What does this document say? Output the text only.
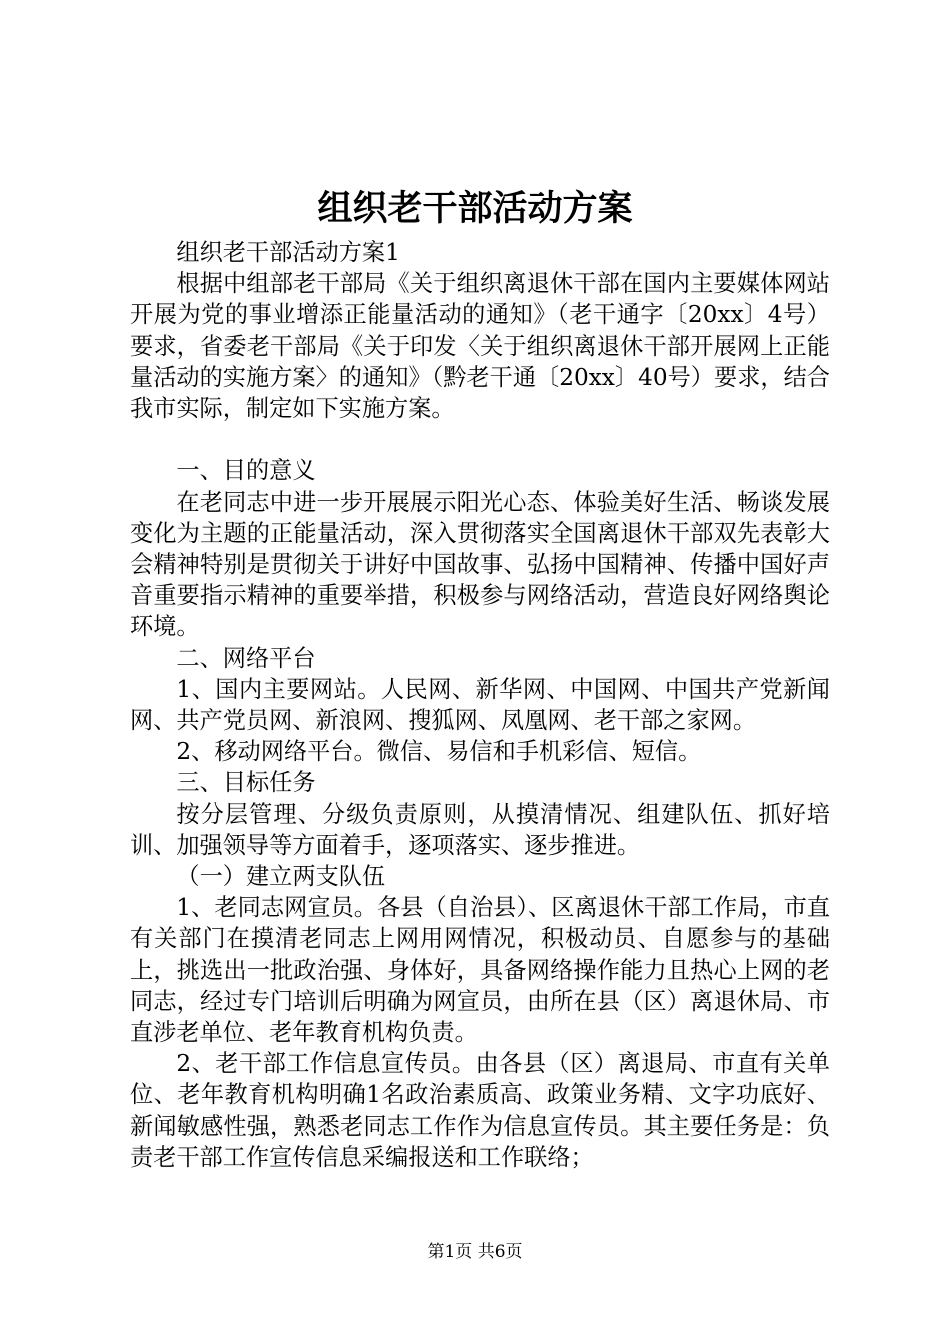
组织老干部活动方案

组织老干部活动方案1

根据中组部老干部局《关于组织离退休干部在国内主要媒体网站开展为党的事业增添正能量活动的通知》（老干通字〔20xx〕4号）要求，省委老干部局《关于印发〈关于组织离退休干部开展网上正能量活动的实施方案〉的通知》（黔老干通〔20xx〕40号）要求，结合我市实际，制定如下实施方案。

一、目的意义

在老同志中进一步开展展示阳光心态、体验美好生活、畅谈发展变化为主题的正能量活动，深入贯彻落实全国离退休干部双先表彰大会精神特别是贯彻关于讲好中国故事、弘扬中国精神、传播中国好声音重要指示精神的重要举措，积极参与网络活动，营造良好网络舆论环境。

二、网络平台

1、国内主要网站。人民网、新华网、中国网、中国共产党新闻网、共产党员网、新浪网、搜狐网、凤凰网、老干部之家网。

2、移动网络平台。微信、易信和手机彩信、短信。

三、目标任务

按分层管理、分级负责原则，从摸清情况、组建队伍、抓好培训、加强领导等方面着手，逐项落实、逐步推进。

（一）建立两支队伍

1、老同志网宣员。各县（自治县）、区离退休干部工作局，市直有关部门在摸清老同志上网用网情况，积极动员、自愿参与的基础上，挑选出一批政治强、身体好，具备网络操作能力且热心上网的老同志，经过专门培训后明确为网宣员，由所在县（区）离退休局、市直涉老单位、老年教育机构负责。

2、老干部工作信息宣传员。由各县（区）离退局、市直有关单位、老年教育机构明确1名政治素质高、政策业务精、文字功底好、新闻敏感性强，熟悉老同志工作作为信息宣传员。其主要任务是：负责老干部工作宣传信息采编报送和工作联络；

第1页 共6页
